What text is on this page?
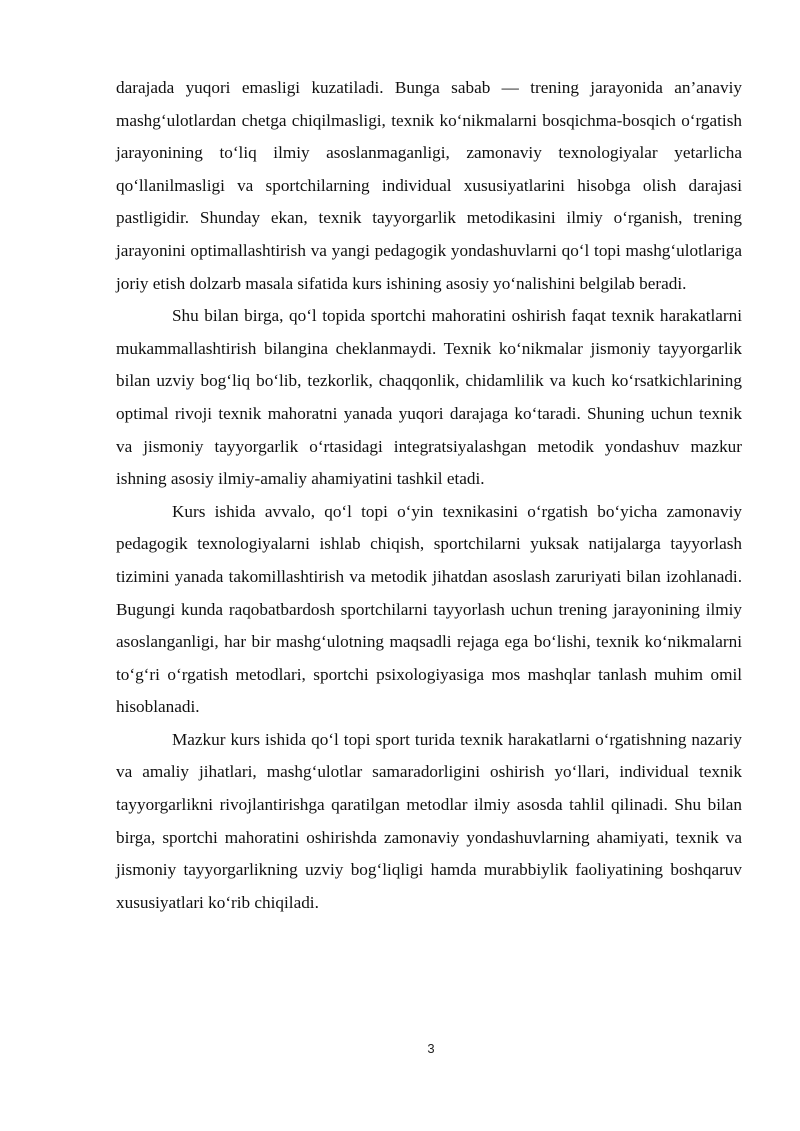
darajada yuqori emasligi kuzatiladi. Bunga sabab — trening jarayonida an’anaviy mashg‘ulotlardan chetga chiqilmasligi, texnik ko‘nikmalarni bosqichma-bosqich o‘rgatish jarayonining to‘liq ilmiy asoslanmaganligi, zamonaviy texnologiyalar yetarlicha qo‘llanilmasligi va sportchilarning individual xususiyatlarini hisobga olish darajasi pastligidir. Shunday ekan, texnik tayyorgarlik metodikasini ilmiy o‘rganish, trening jarayonini optimallashtirish va yangi pedagogik yondashuvlarni qo‘l topi mashg‘ulotlariga joriy etish dolzarb masala sifatida kurs ishining asosiy yo‘nalishini belgilab beradi.

Shu bilan birga, qo‘l topida sportchi mahoratini oshirish faqat texnik harakatlarni mukammallashtirish bilangina cheklanmaydi. Texnik ko‘nikmalar jismoniy tayyorgarlik bilan uzviy bog‘liq bo‘lib, tezkorlik, chaqqonlik, chidamlilik va kuch ko‘rsatkichlarining optimal rivoji texnik mahoratni yanada yuqori darajaga ko‘taradi. Shuning uchun texnik va jismoniy tayyorgarlik o‘rtasidagi integratsiyalashgan metodik yondashuv mazkur ishning asosiy ilmiy-amaliy ahamiyatini tashkil etadi.

Kurs ishida avvalo, qo‘l topi o‘yin texnikasini o‘rgatish bo‘yicha zamonaviy pedagogik texnologiyalarni ishlab chiqish, sportchilarni yuksak natijalarga tayyorlash tizimini yanada takomillashtirish va metodik jihatdan asoslash zaruriyati bilan izohlanadi. Bugungi kunda raqobatbardosh sportchilarni tayyorlash uchun trening jarayonining ilmiy asoslanganligi, har bir mashg‘ulotning maqsadli rejaga ega bo‘lishi, texnik ko‘nikmalarni to‘g‘ri o‘rgatish metodlari, sportchi psixologiyasiga mos mashqlar tanlash muhim omil hisoblanadi.

Mazkur kurs ishida qo‘l topi sport turida texnik harakatlarni o‘rgatishning nazariy va amaliy jihatlari, mashg‘ulotlar samaradorligini oshirish yo‘llari, individual texnik tayyorgarlikni rivojlantirishga qaratilgan metodlar ilmiy asosda tahlil qilinadi. Shu bilan birga, sportchi mahoratini oshirishda zamonaviy yondashuvlarning ahamiyati, texnik va jismoniy tayyorgarlikning uzviy bog‘liqligi hamda murabbiylik faoliyatining boshqaruv xususiyatlari ko‘rib chiqiladi.

3
